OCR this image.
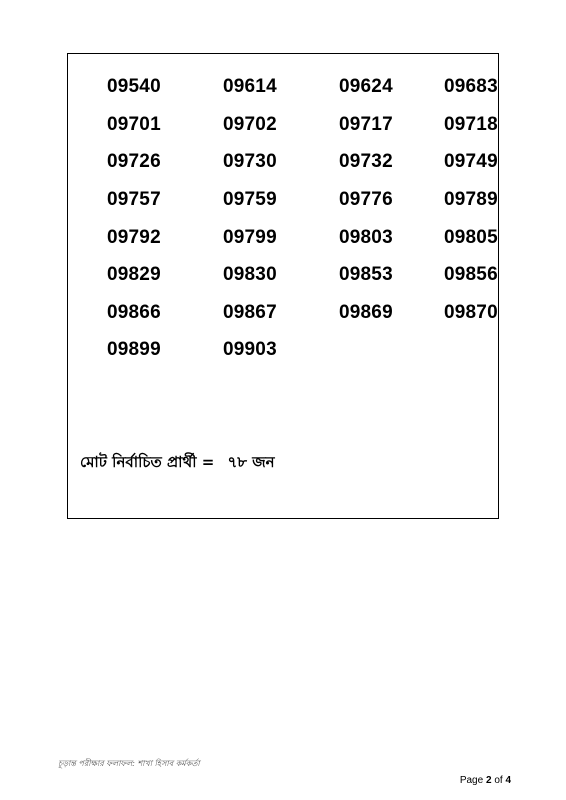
09540	09614	09624	09683
09701	09702	09717	09718
09726	09730	09732	09749
09757	09759	09776	09789
09792	09799	09803	09805
09829	09830	09853	09856
09866	09867	09869	09870
09899	09903
মোট নির্বাচিত প্রার্থী = ৭৮ জন
চূড়ান্ত পরীক্ষার ফলাফল: শাখা হিসাব কর্মকর্তা
Page 2 of 4
